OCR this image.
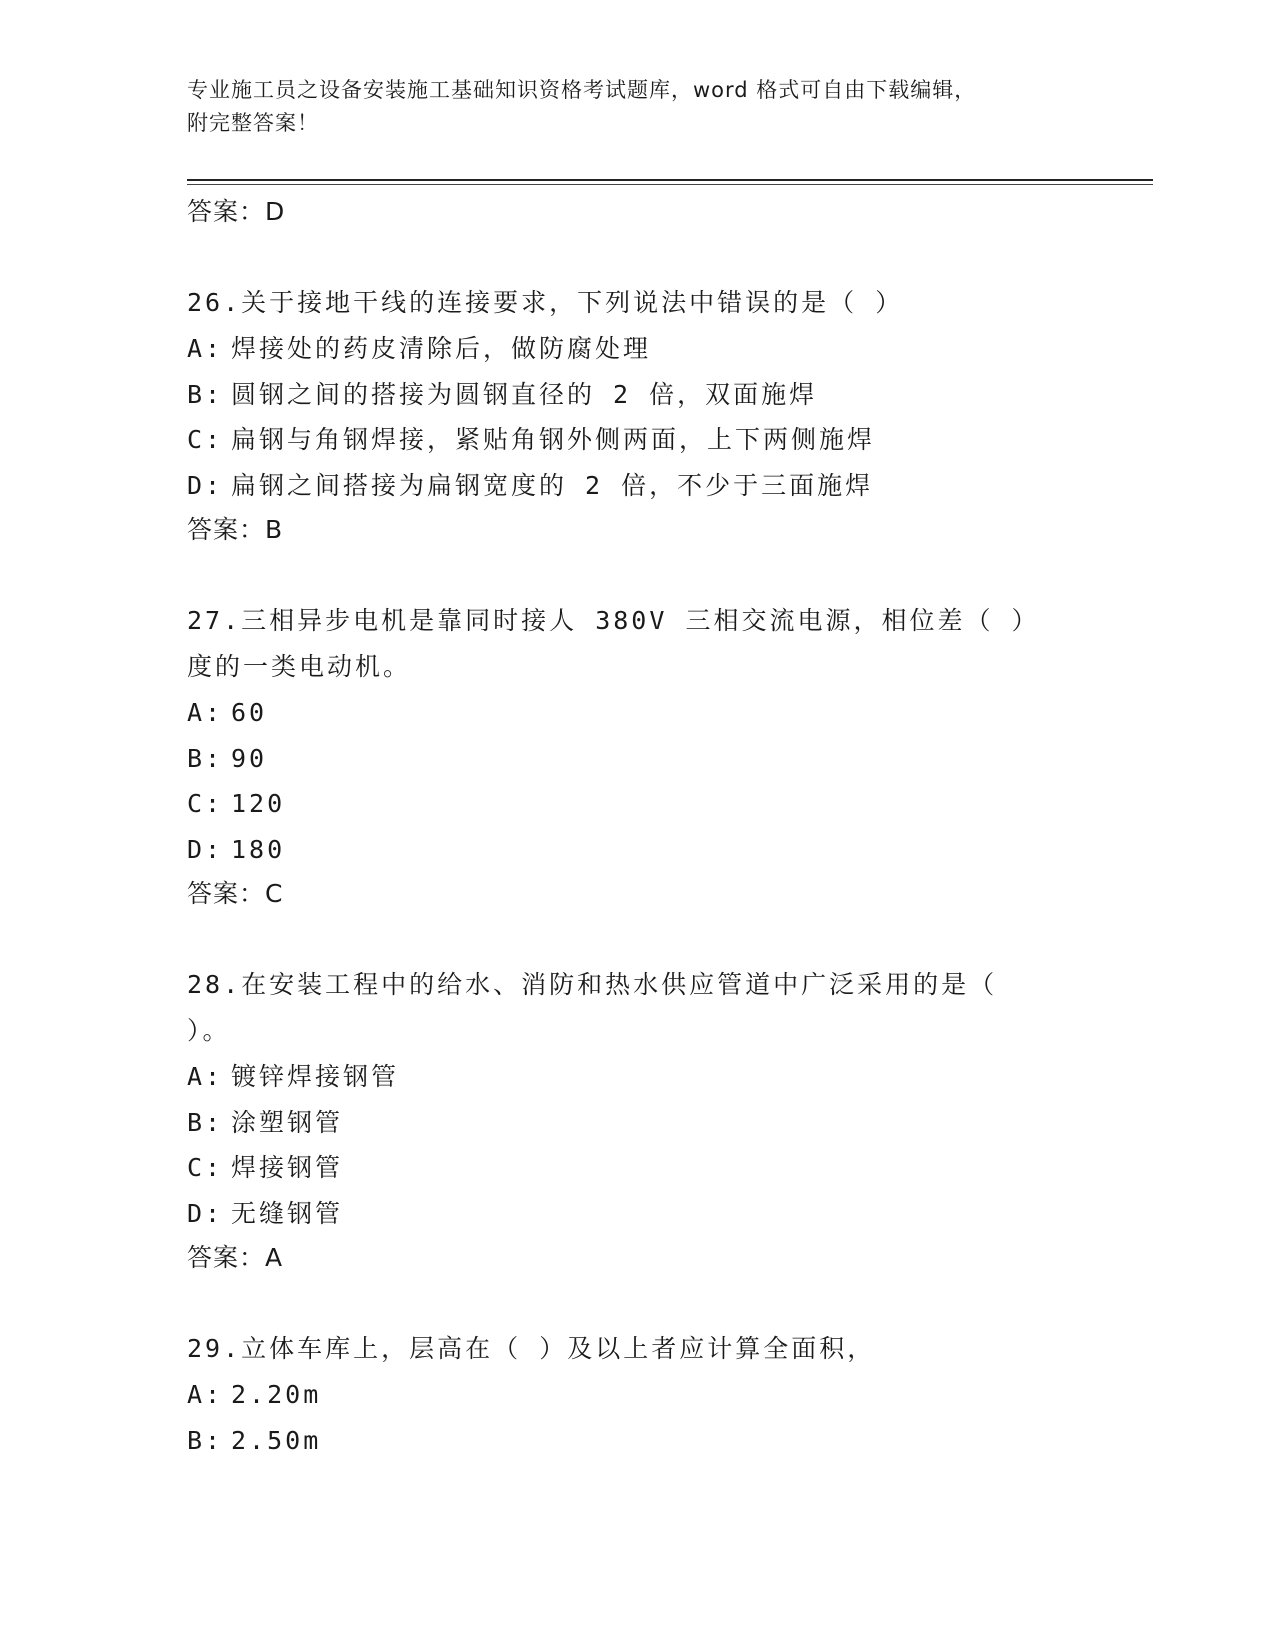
专业施工员之设备安装施工基础知识资格考试题库，word 格式可自由下载编辑，
附完整答案！
答案：D
26.关于接地干线的连接要求，下列说法中错误的是（ ）
A: 焊接处的药皮清除后，做防腐处理
B: 圆钢之间的搭接为圆钢直径的 2 倍，双面施焊
C: 扁钢与角钢焊接，紧贴角钢外侧两面，上下两侧施焊
D: 扁钢之间搭接为扁钢宽度的 2 倍，不少于三面施焊
答案：B
27.三相异步电机是靠同时接人 380V 三相交流电源，相位差（ ）度的一类电动机。
A: 60
B: 90
C: 120
D: 180
答案：C
28.在安装工程中的给水、消防和热水供应管道中广泛采用的是（ ）。
A: 镀锌焊接钢管
B: 涂塑钢管
C: 焊接钢管
D: 无缝钢管
答案：A
29.立体车库上，层高在（ ）及以上者应计算全面积，
A: 2.20m
B: 2.50m
